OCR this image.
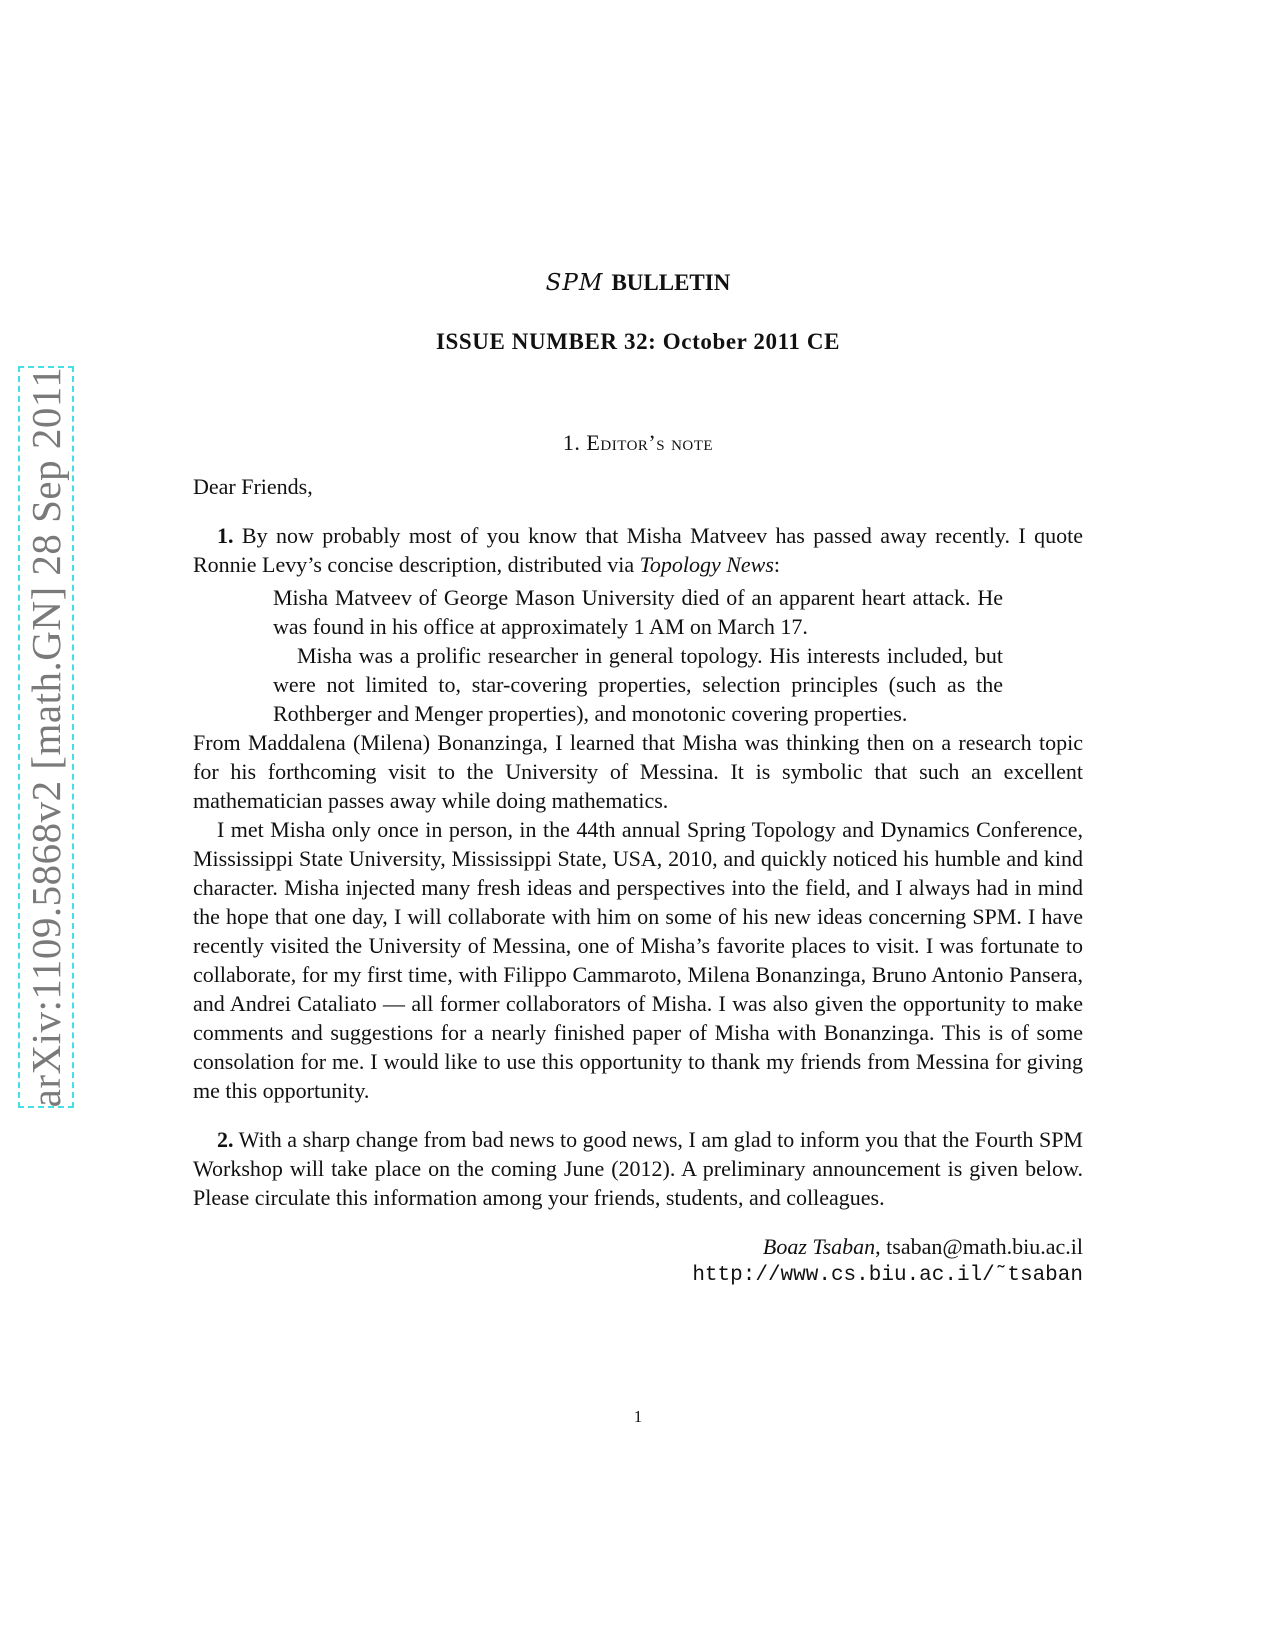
arXiv:1109.5868v2 [math.GN] 28 Sep 2011
SPM BULLETIN
ISSUE NUMBER 32: October 2011 CE
1. Editor’s note

Dear Friends,

1. By now probably most of you know that Misha Matveev has passed away recently. I quote Ronnie Levy’s concise description, distributed via Topology News:

Misha Matveev of George Mason University died of an apparent heart attack. He was found in his office at approximately 1 AM on March 17.

Misha was a prolific researcher in general topology. His interests included, but were not limited to, star-covering properties, selection principles (such as the Rothberger and Menger properties), and monotonic covering properties.

From Maddalena (Milena) Bonanzinga, I learned that Misha was thinking then on a research topic for his forthcoming visit to the University of Messina. It is symbolic that such an excellent mathematician passes away while doing mathematics.

I met Misha only once in person, in the 44th annual Spring Topology and Dynamics Conference, Mississippi State University, Mississippi State, USA, 2010, and quickly noticed his humble and kind character. Misha injected many fresh ideas and perspectives into the field, and I always had in mind the hope that one day, I will collaborate with him on some of his new ideas concerning SPM. I have recently visited the University of Messina, one of Misha’s favorite places to visit. I was fortunate to collaborate, for my first time, with Filippo Cammaroto, Milena Bonanzinga, Bruno Antonio Pansera, and Andrei Cataliato — all former collaborators of Misha. I was also given the opportunity to make comments and suggestions for a nearly finished paper of Misha with Bonanzinga. This is of some consolation for me. I would like to use this opportunity to thank my friends from Messina for giving me this opportunity.

2. With a sharp change from bad news to good news, I am glad to inform you that the Fourth SPM Workshop will take place on the coming June (2012). A preliminary announcement is given below. Please circulate this information among your friends, students, and colleagues.

Boaz Tsaban, tsaban@math.biu.ac.il
http://www.cs.biu.ac.il/˜tsaban
1
